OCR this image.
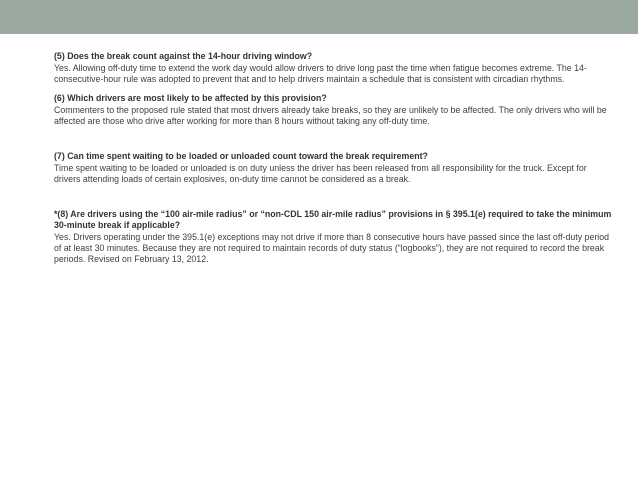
(5) Does the break count against the 14-hour driving window?

Yes. Allowing off-duty time to extend the work day would allow drivers to drive long past the time when fatigue becomes extreme. The 14-consecutive-hour rule was adopted to prevent that and to help drivers maintain a schedule that is consistent with circadian rhythms.

(6) Which drivers are most likely to be affected by this provision?

Commenters to the proposed rule stated that most drivers already take breaks, so they are unlikely to be affected. The only drivers who will be affected are those who drive after working for more than 8 hours without taking any off-duty time.

(7) Can time spent waiting to be loaded or unloaded count toward the break requirement?

Time spent waiting to be loaded or unloaded is on duty unless the driver has been released from all responsibility for the truck. Except for drivers attending loads of certain explosives, on-duty time cannot be considered as a break.

*(8) Are drivers using the “100 air-mile radius” or “non-CDL 150 air-mile radius” provisions in § 395.1(e) required to take the minimum 30-minute break if applicable?

Yes. Drivers operating under the 395.1(e) exceptions may not drive if more than 8 consecutive hours have passed since the last off-duty period of at least 30 minutes. Because they are not required to maintain records of duty status (“logbooks”), they are not required to record the break periods. Revised on February 13, 2012.
